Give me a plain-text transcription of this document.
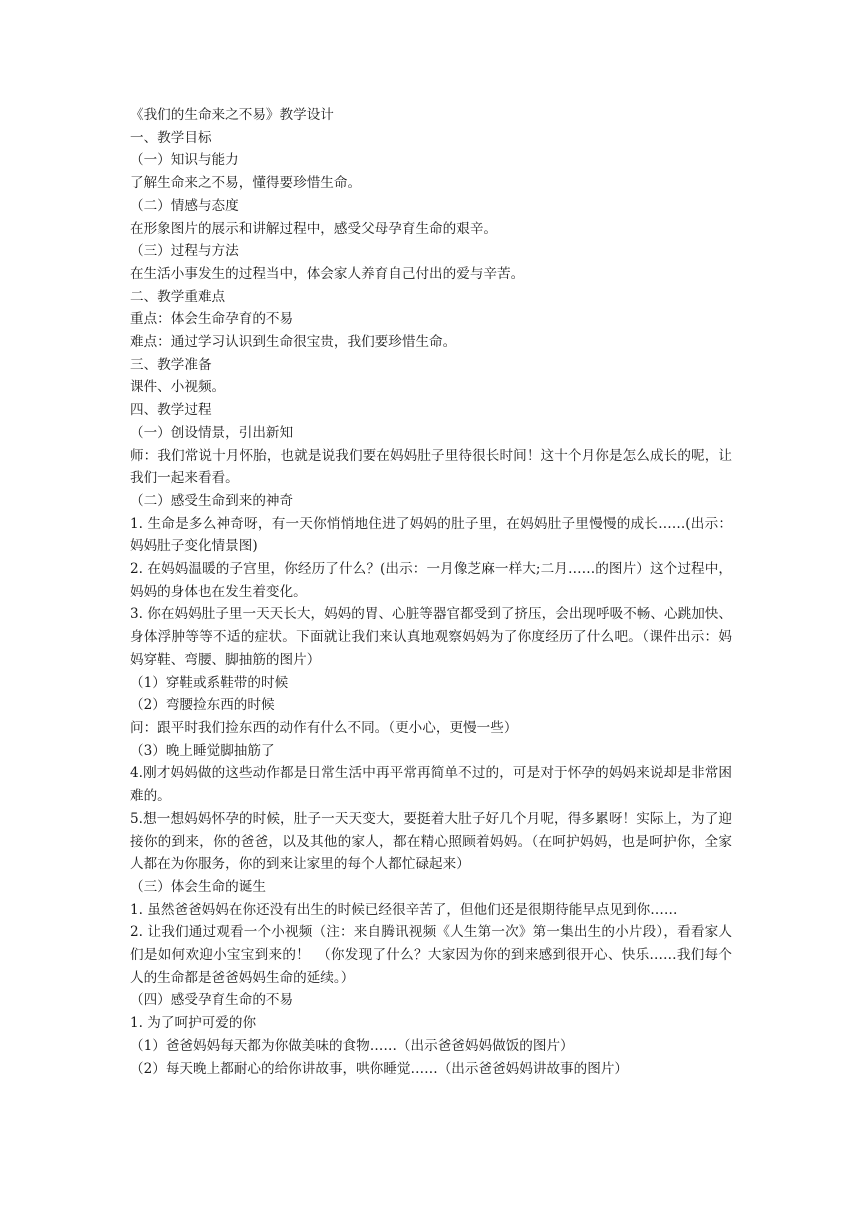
《我们的生命来之不易》教学设计

一、教学目标

（一）知识与能力

了解生命来之不易，懂得要珍惜生命。

（二）情感与态度

在形象图片的展示和讲解过程中，感受父母孕育生命的艰辛。

（三）过程与方法

在生活小事发生的过程当中，体会家人养育自己付出的爱与辛苦。

二、教学重难点

重点：体会生命孕育的不易

难点：通过学习认识到生命很宝贵，我们要珍惜生命。

三、教学准备

课件、小视频。

四、教学过程

（一）创设情景，引出新知

师：我们常说十月怀胎，也就是说我们要在妈妈肚子里待很长时间！这十个月你是怎么成长的呢，让我们一起来看看。

（二）感受生命到来的神奇

1. 生命是多么神奇呀，有一天你悄悄地住进了妈妈的肚子里，在妈妈肚子里慢慢的成长……(出示：妈妈肚子变化情景图)

2. 在妈妈温暖的子宫里，你经历了什么？(出示：一月像芝麻一样大;二月……的图片）这个过程中，妈妈的身体也在发生着变化。

3. 你在妈妈肚子里一天天长大，妈妈的胃、心脏等器官都受到了挤压，会出现呼吸不畅、心跳加快、身体浮肿等等不适的症状。下面就让我们来认真地观察妈妈为了你度经历了什么吧。（课件出示：妈妈穿鞋、弯腰、脚抽筋的图片）

（1）穿鞋或系鞋带的时候

（2）弯腰捡东西的时候

问：跟平时我们捡东西的动作有什么不同。（更小心，更慢一些）

（3）晚上睡觉脚抽筋了

4.刚才妈妈做的这些动作都是日常生活中再平常再简单不过的，可是对于怀孕的妈妈来说却是非常困难的。

5.想一想妈妈怀孕的时候，肚子一天天变大，要挺着大肚子好几个月呢，得多累呀！实际上，为了迎接你的到来，你的爸爸，以及其他的家人，都在精心照顾着妈妈。（在呵护妈妈，也是呵护你，全家人都在为你服务，你的到来让家里的每个人都忙碌起来）

（三）体会生命的诞生

1. 虽然爸爸妈妈在你还没有出生的时候已经很辛苦了，但他们还是很期待能早点见到你……

2. 让我们通过观看一个小视频（注：来自腾讯视频《人生第一次》第一集出生的小片段），看看家人们是如何欢迎小宝宝到来的！　（你发现了什么？大家因为你的到来感到很开心、快乐……我们每个人的生命都是爸爸妈妈生命的延续。）

（四）感受孕育生命的不易

1. 为了呵护可爱的你

（1）爸爸妈妈每天都为你做美味的食物……（出示爸爸妈妈做饭的图片）

（2）每天晚上都耐心的给你讲故事，哄你睡觉……（出示爸爸妈妈讲故事的图片）
